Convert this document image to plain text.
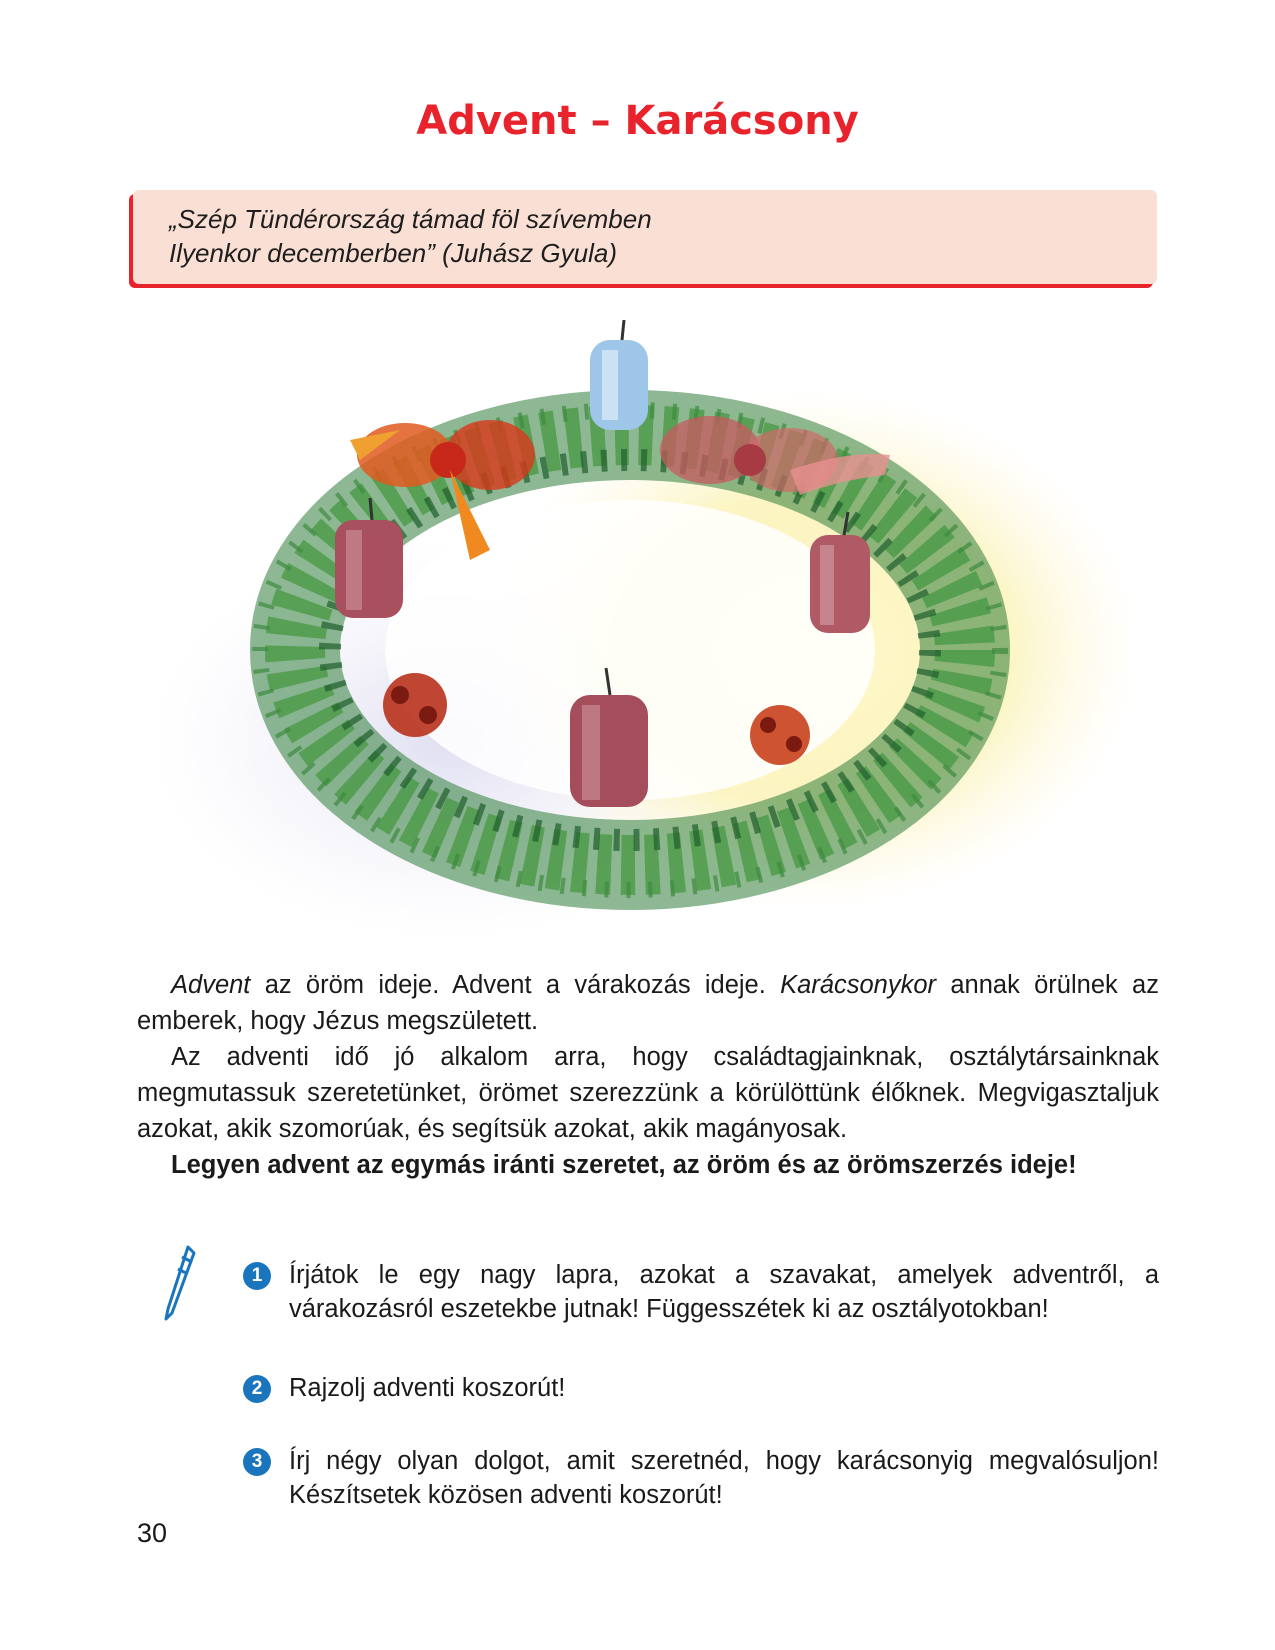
Advent – Karácsony
„Szép Tündérország támad föl szívemben
Ilyenkor decemberben” (Juhász Gyula)
Advent az öröm ideje. Advent a várakozás ideje. Karácsonykor annak örülnek az emberek, hogy Jézus megszületett.
Az adventi idő jó alkalom arra, hogy családtagjainknak, osztálytársainknak megmutassuk szeretetünket, örömet szerezzünk a körülöttünk élőknek. Megvigasztaljuk azokat, akik szomorúak, és segítsük azokat, akik magányosak.
Legyen advent az egymás iránti szeretet, az öröm és az örömszerzés ideje!
1	Írjátok le egy nagy lapra, azokat a szavakat, amelyek adventről, a várakozásról eszetekbe jutnak! Függesszétek ki az osztályotokban!
2	Rajzolj adventi koszorút!
3	Írj négy olyan dolgot, amit szeretnéd, hogy karácsonyig megvalósuljon! Készítsetek közösen adventi koszorút!
30
